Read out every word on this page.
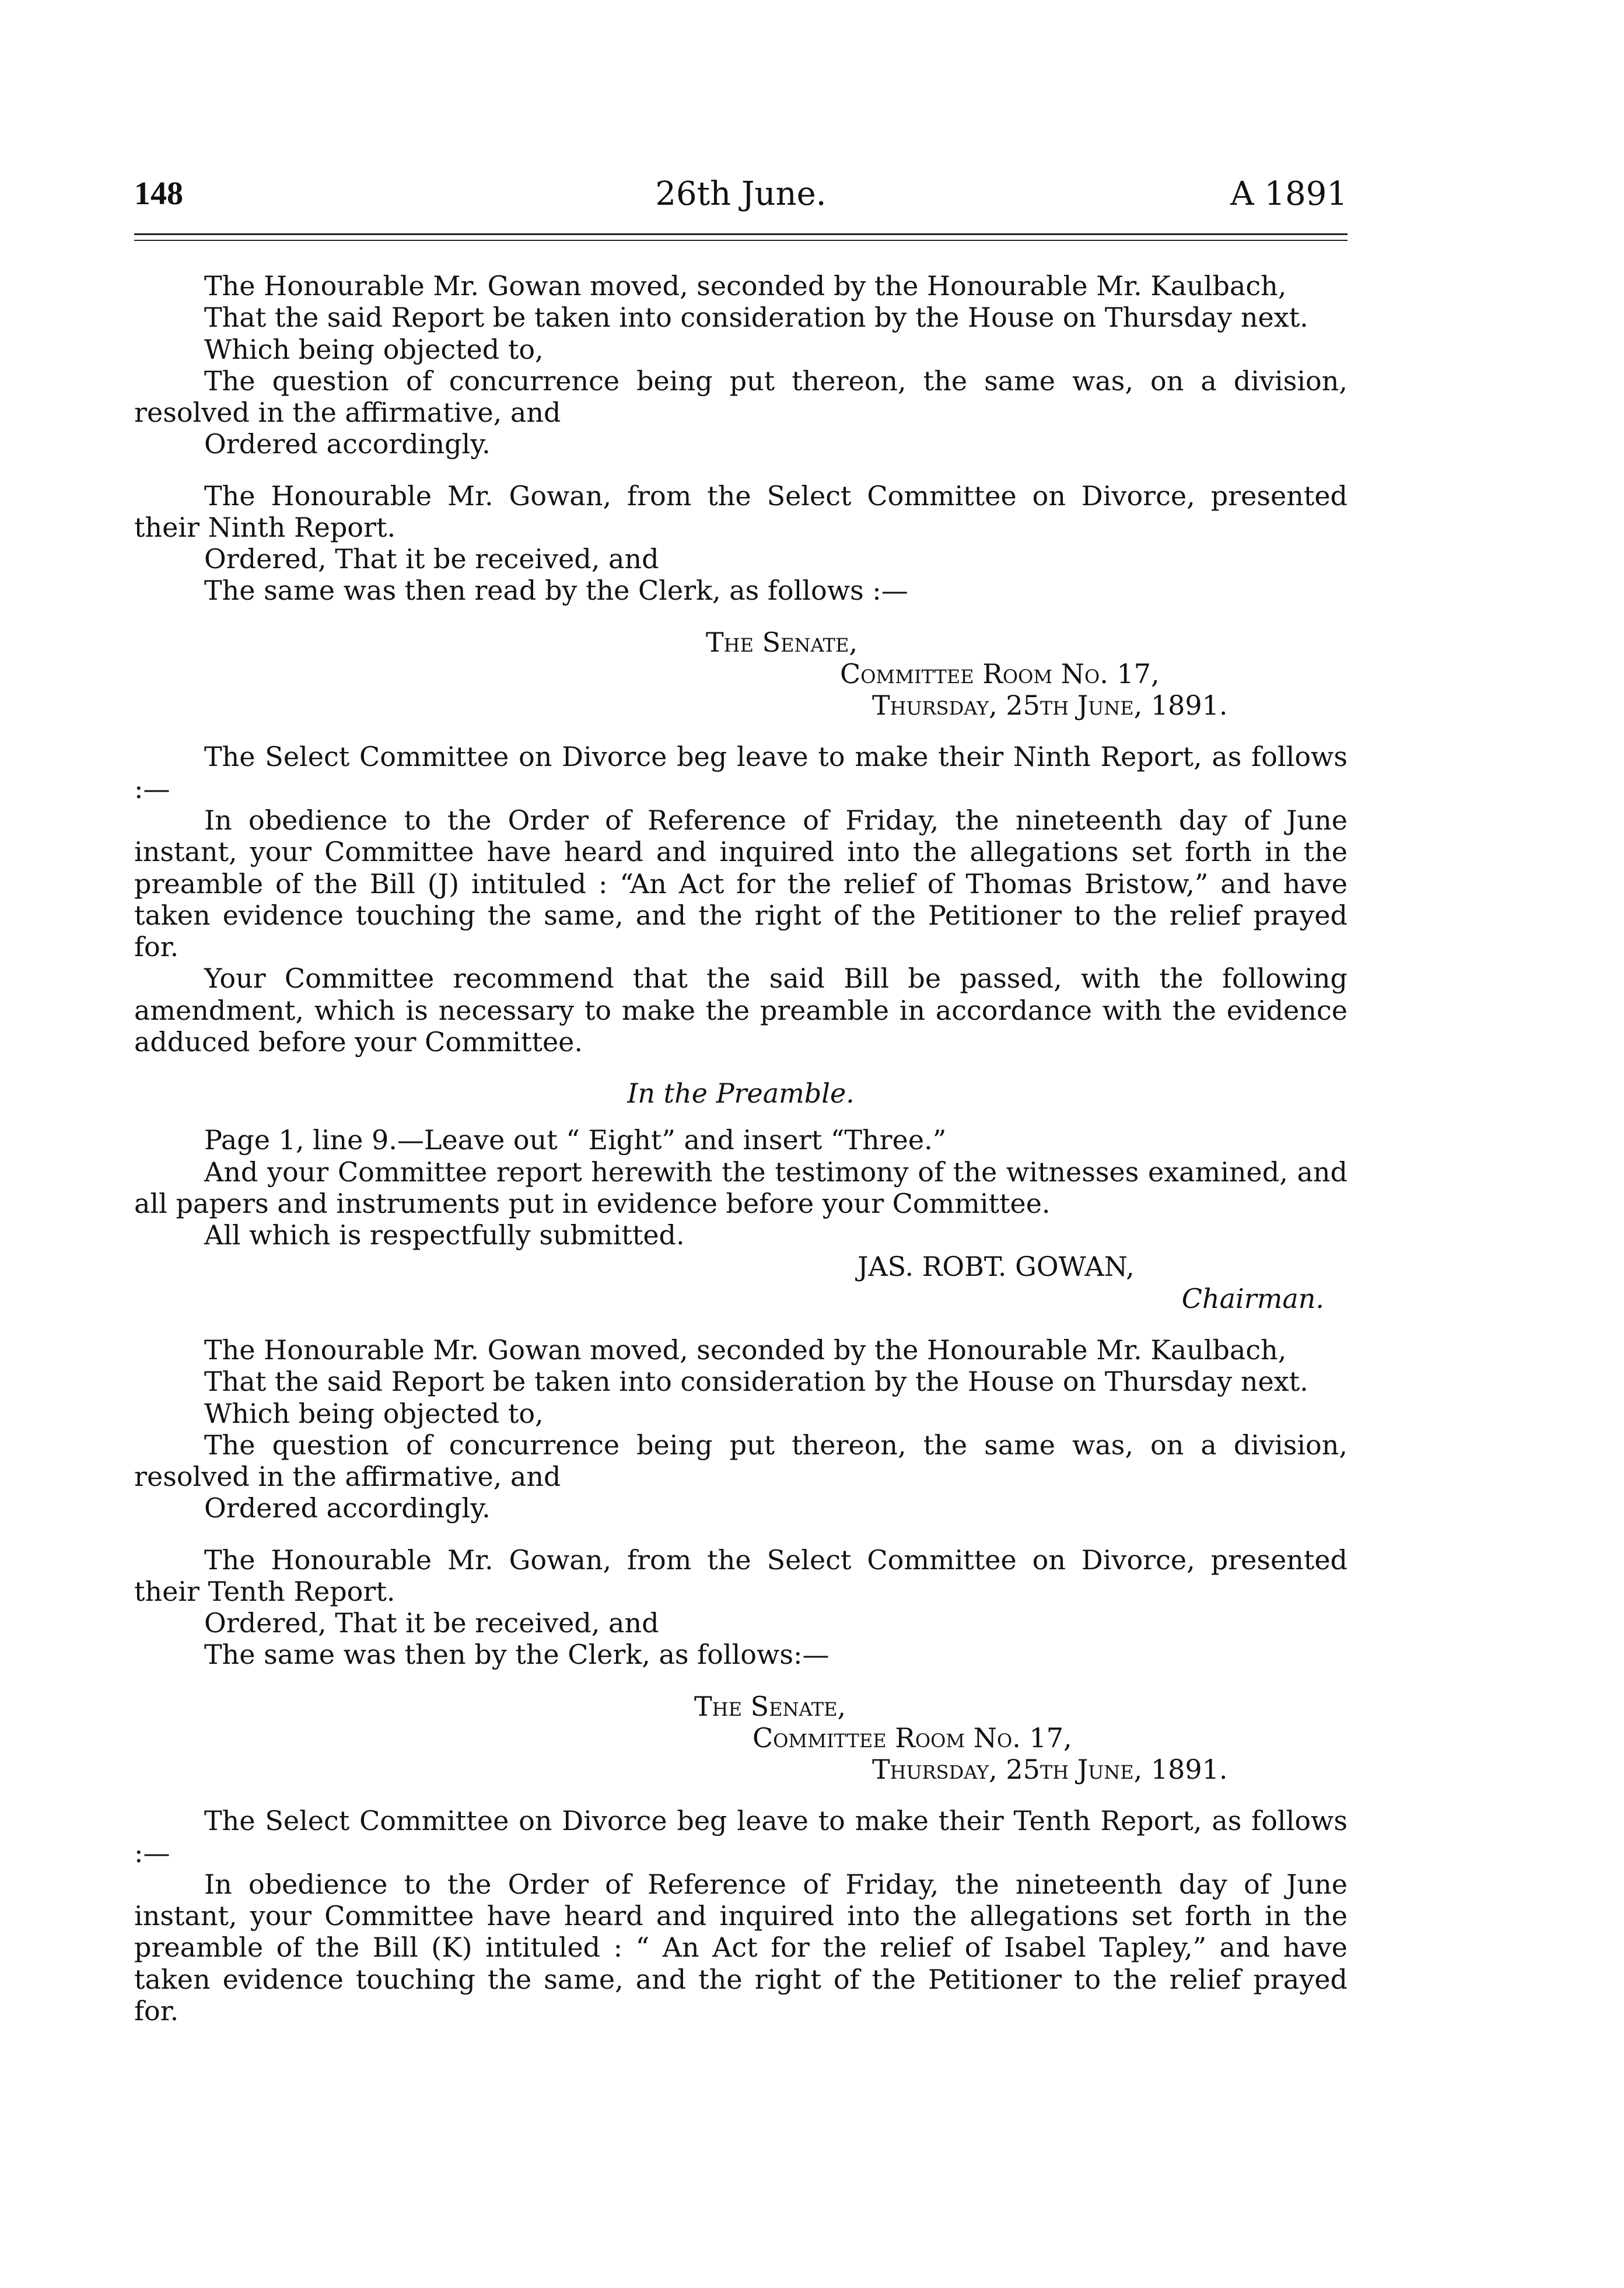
148	26th June.	A 1891

The Honourable Mr. Gowan moved, seconded by the Honourable Mr. Kaulbach,

That the said Report be taken into consideration by the House on Thursday next.

Which being objected to,

The question of concurrence being put thereon, the same was, on a division, resolved in the affirmative, and

Ordered accordingly.

The Honourable Mr. Gowan, from the Select Committee on Divorce, presented their Ninth Report.

Ordered, That it be received, and

The same was then read by the Clerk, as follows :—

The Senate,

Committee Room No. 17,

Thursday, 25th June, 1891.

The Select Committee on Divorce beg leave to make their Ninth Report, as follows :—

In obedience to the Order of Reference of Friday, the nineteenth day of June instant, your Committee have heard and inquired into the allegations set forth in the preamble of the Bill (J) intituled : “An Act for the relief of Thomas Bristow,” and have taken evidence touching the same, and the right of the Petitioner to the relief prayed for.

Your Committee recommend that the said Bill be passed, with the following amendment, which is necessary to make the preamble in accordance with the evidence adduced before your Committee.

In the Preamble.

Page 1, line 9.—Leave out “ Eight” and insert “Three.”

And your Committee report herewith the testimony of the witnesses examined, and all papers and instruments put in evidence before your Committee.

All which is respectfully submitted.

JAS. ROBT. GOWAN,

Chairman.

The Honourable Mr. Gowan moved, seconded by the Honourable Mr. Kaulbach,

That the said Report be taken into consideration by the House on Thursday next.

Which being objected to,

The question of concurrence being put thereon, the same was, on a division, resolved in the affirmative, and

Ordered accordingly.

The Honourable Mr. Gowan, from the Select Committee on Divorce, presented their Tenth Report.

Ordered, That it be received, and

The same was then by the Clerk, as follows:—

The Senate,

Committee Room No. 17,

Thursday, 25th June, 1891.

The Select Committee on Divorce beg leave to make their Tenth Report, as follows :—

In obedience to the Order of Reference of Friday, the nineteenth day of June instant, your Committee have heard and inquired into the allegations set forth in the preamble of the Bill (K) intituled : “ An Act for the relief of Isabel Tapley,” and have taken evidence touching the same, and the right of the Petitioner to the relief prayed for.
